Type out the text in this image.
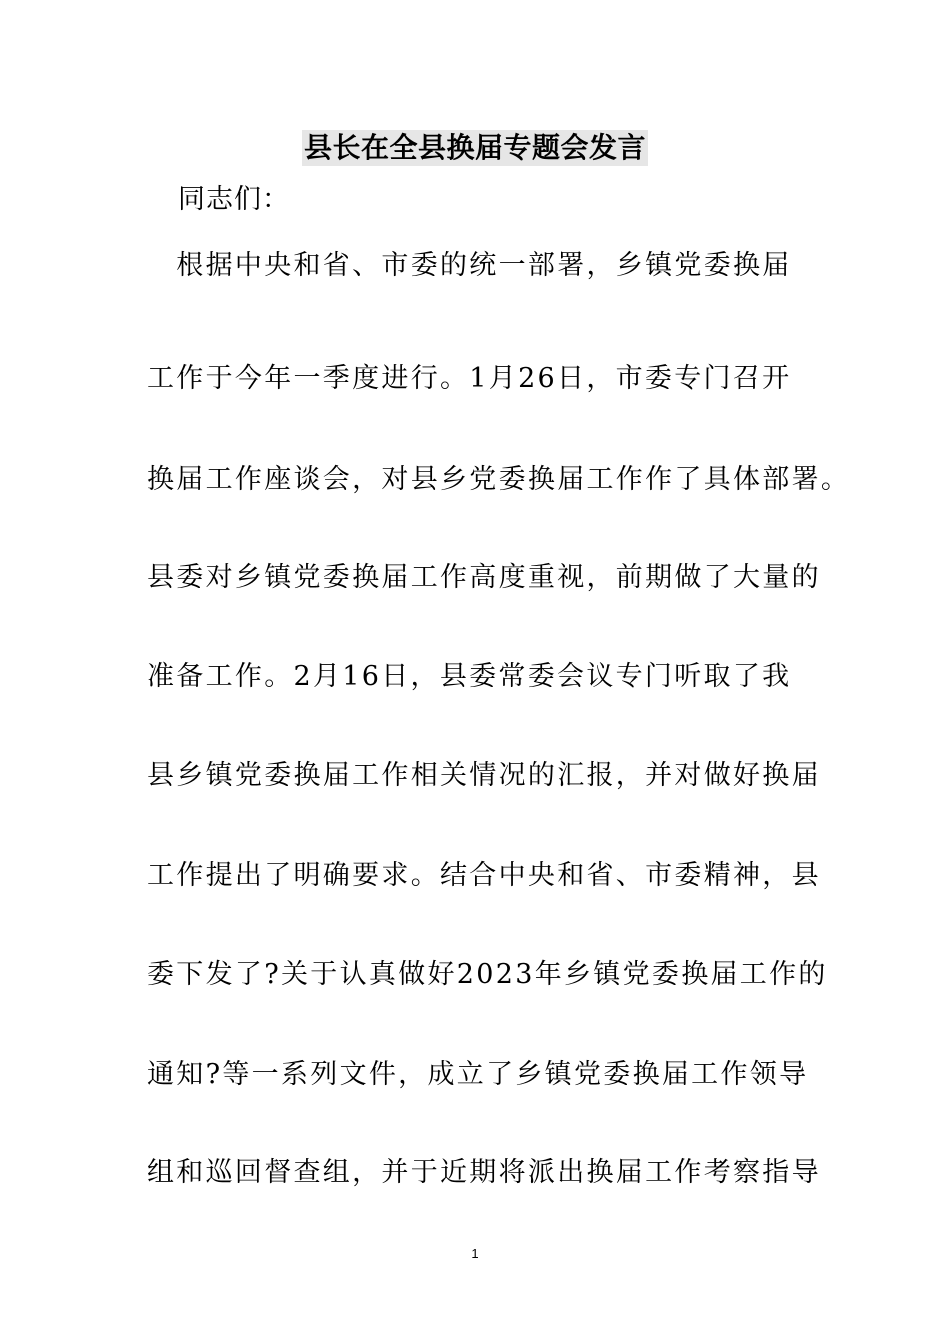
县长在全县换届专题会发言
同志们：
　根据中央和省、市委的统一部署，乡镇党委换届
工作于今年一季度进行。1月26日，市委专门召开
换届工作座谈会，对县乡党委换届工作作了具体部署。
县委对乡镇党委换届工作高度重视，前期做了大量的
准备工作。2月16日，县委常委会议专门听取了我
县乡镇党委换届工作相关情况的汇报，并对做好换届
工作提出了明确要求。结合中央和省、市委精神，县
委下发了?关于认真做好2023年乡镇党委换届工作的
通知?等一系列文件，成立了乡镇党委换届工作领导
组和巡回督查组，并于近期将派出换届工作考察指导
1
